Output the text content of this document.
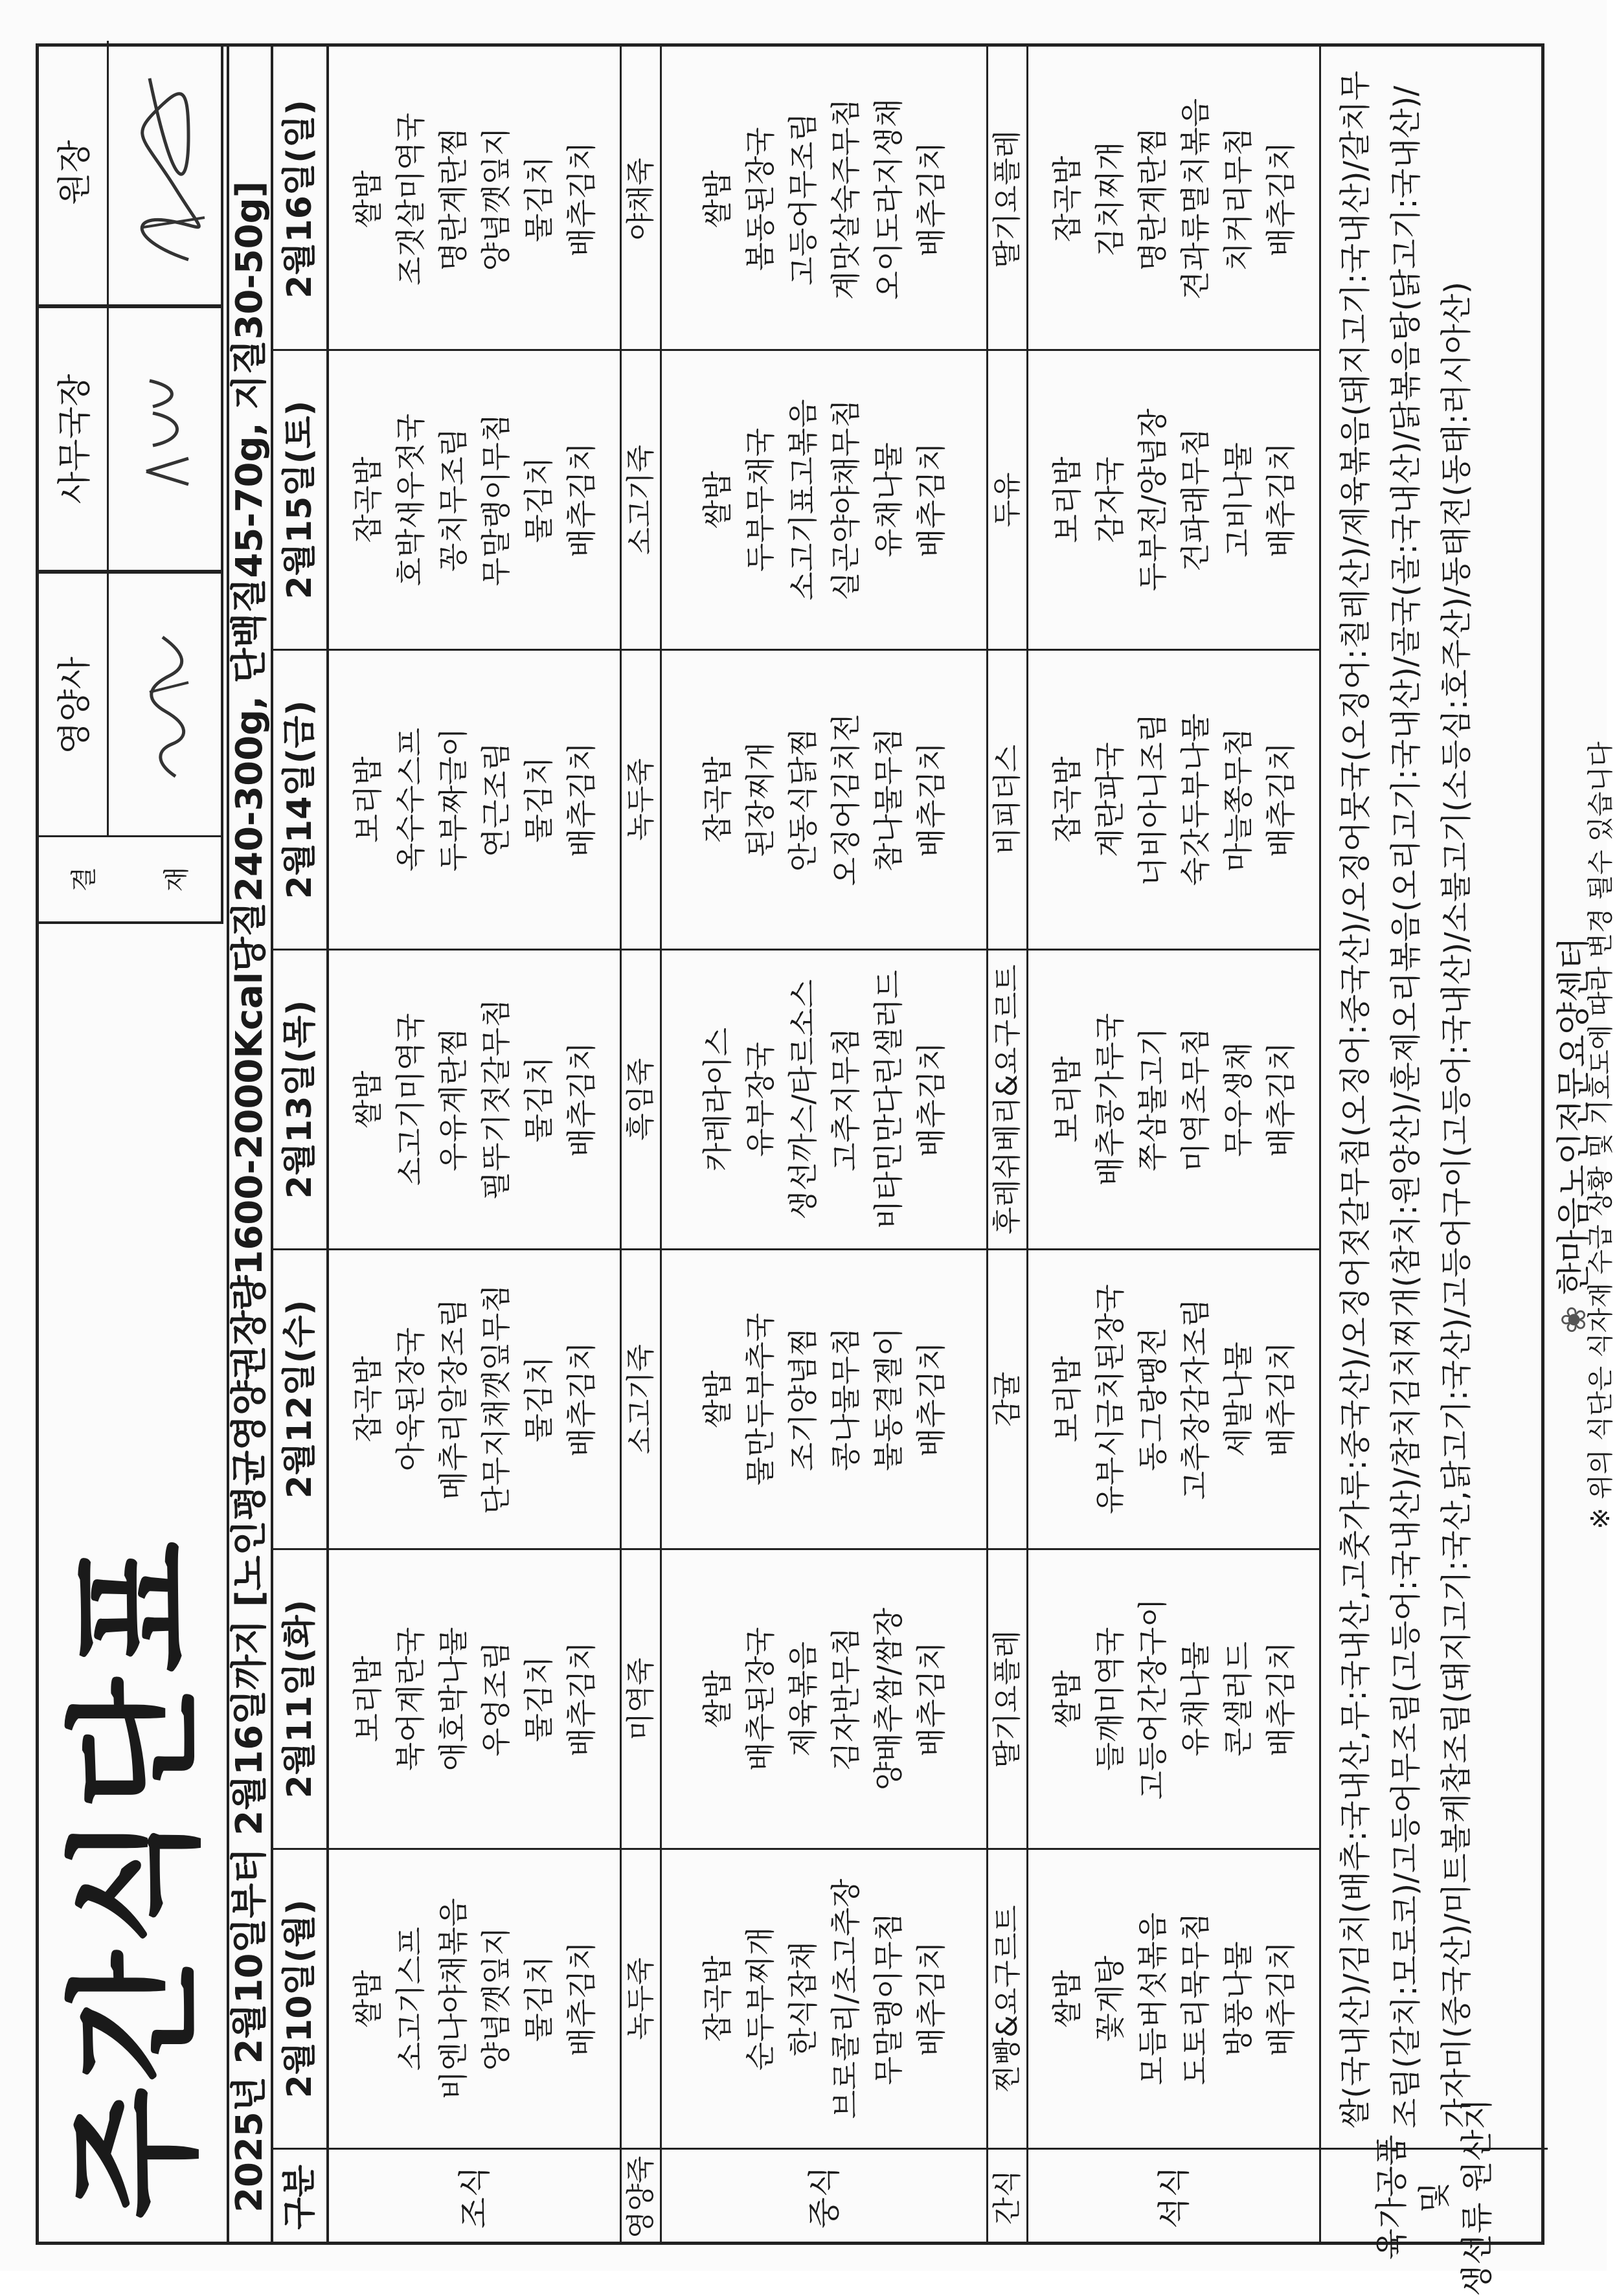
주간식단표
결 재
영양사
사무국장
원장
2025년 2월10일부터 2월16일까지 [노인평균영양권장량1600-2000Kcal당질240-300g, 단백질45-70g, 지질30-50g] 구분
2월10일(월)
2월11일(화)
2월12일(수)
2월13일(목)
2월14일(금)
2월15일(토)
2월16일(일)
조식
쌀밥 소고기스프 비엔나야채볶음 양념깻잎지 물김치 배추김치
보리밥 북어계란국 애호박나물 우엉조림 물김치 배추김치
잡곡밥 아욱된장국 메추리알장조림 단무지채깻잎무침 물김치 배추김치
쌀밥 소고기미역국 우유계란찜 필뚜기젓갈무침 물김치 배추김치
보리밥 옥수수스프 두부짜글이 연근조림 물김치 배추김치
잡곡밥 호박새우젓국 꽁치무조림 무말랭이무침 물김치 배추김치
쌀밥 조갯살미역국 명란계란찜 양념깻잎지 물김치 배추김치
영양죽
녹두죽
미역죽
소고기죽
흑임죽
녹두죽
소고기죽
야채죽
중식
잡곡밥 순두부찌개 한식잡채 브로콜리/초고추장 무말랭이무침 배추김치
쌀밥 배추된장국 제육볶음 김자반무침 양배추쌈/쌈장 배추김치
쌀밥 물만두부추국 조기양념찜 콩나물무침 불동결젤이 배추김치
카레라이스 유부장국 생선까스/타르소스 고추지무침 비타민만다린샐러드 배추김치
잡곡밥 된장찌개 안동식닭찜 오징어김치전 참나물무침 배추김치
쌀밥 두부무채국 소고기표고볶음 실곤약야채무침 유채나물 배추김치
쌀밥 봄동된장국 고등어무조림 계맛살숙주무침 오이도라지생채 배추김치
간식
찐빵&요구르트
딸기요플레
감귤
후레쉬베리&요구르트
비피더스
두유
딸기요플레
석식
쌀밥 꽃게탕 모듬버섯볶음 도토리묵무침 방풍나물 배추김치
쌀밥 들깨미역국 고등어간장구이 유채나물 콘샐러드 배추김치
보리밥 유부시금치된장국 동그랑땡전 고추장감자조림 세발나물 배추김치
보리밥 배추콩가루국 쭈삼불고기 미역초무침 무우생채 배추김치
잡곡밥 계란파국 너비아니조림 숙갓두부나물 마늘쫑무침 배추김치
보리밥 감자국 두부전/양념장 건파래무침 고비나물 배추김치
잡곡밥 김치찌개 명란계란찜 견과류멸치볶음 치커리무침 배추김치
육가공품 및 생선류 원산지
쌀(국내산)/김치(배추:국내산,무:국내산,고춧가루:중국산)/오징어젓갈무침(오징어:중국산)/오징어뭇국(오징어:칠레산)/제육볶음(돼지고기:국내산)/갈치무조림(갈치:모로코)/고등어무조림(고등어:국내산)/참치김치찌개(참치:원양산)/훈제오리볶음(오리고기:국내산)/골국(골:국내산)/닭볶음탕(닭고기:국내산)/가자미(중국산)/미트볼케찹조림(돼지고기:국산,닭고기:국산)/고등어구이(고등어:국내산)/소불고기(소등심:호주산)/동태전(동태:러시아산)	❀ 한마음노인전문요양센터
※ 위의 식단은 식자재 수급 상황 및 기호도에 따라 변경 될수 있습니다
